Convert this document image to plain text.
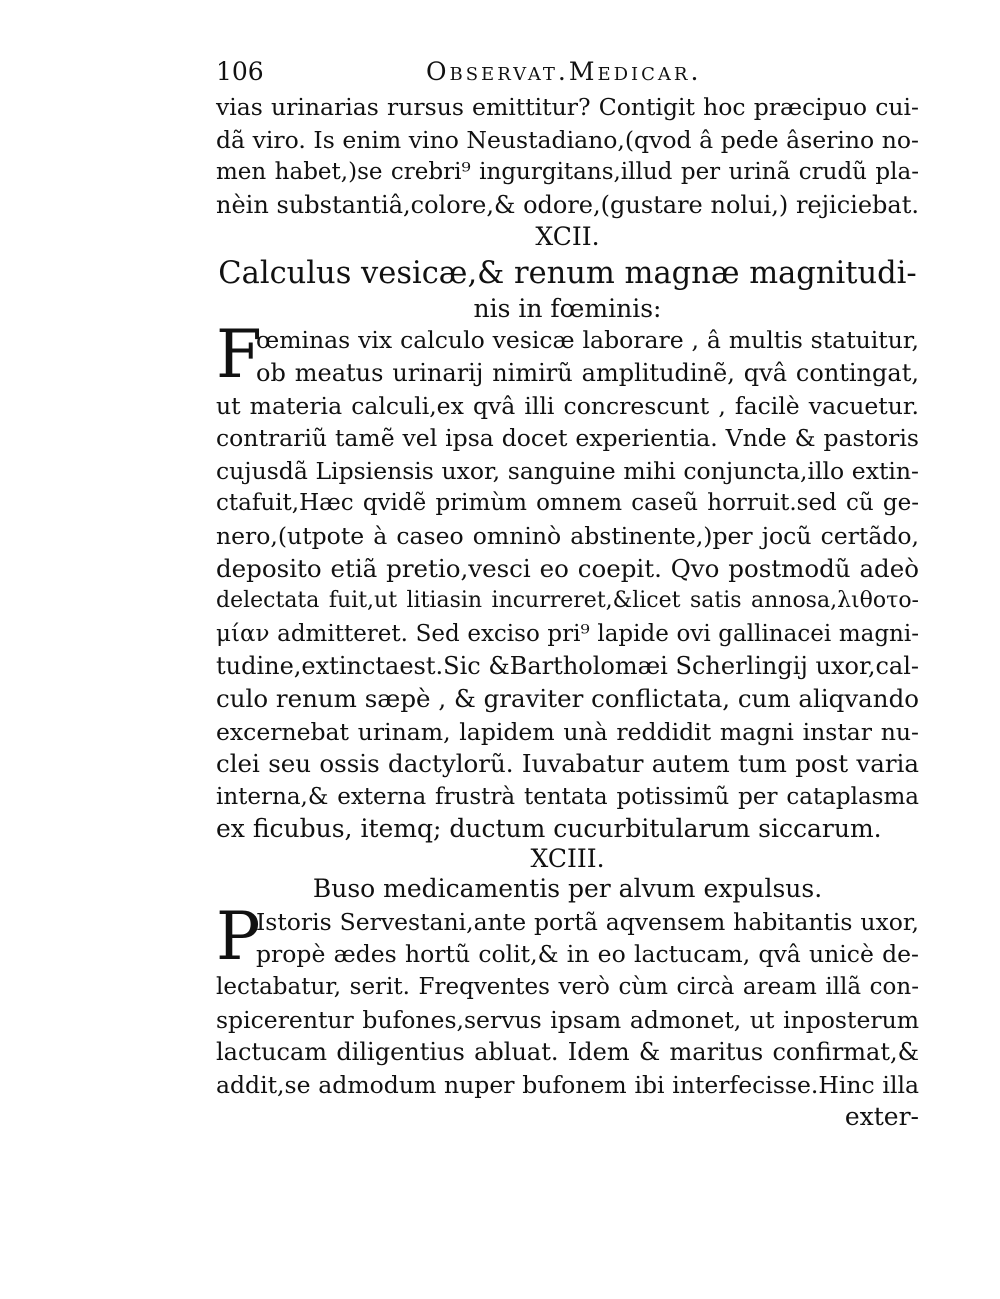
106	Observat.Medicar.
vias urinarias rursus emittitur? Contigit hoc præcipuo cui-
dã viro. Is enim vino Neustadiano,(qvod â pede âserino no-
men habet,)se crebri⁹ ingurgitans,illud per urinã crudũ pla-
nèin substantiâ,colore,& odore,(gustare nolui,) rejiciebat.
XCII.
Calculus vesicæ,& renum magnæ magnitudi-
nis in fœminis:
F
œminas vix calculo vesicæ laborare , â multis statuitur,
ob meatus urinarij nimirũ amplitudinẽ, qvâ contingat,
ut materia calculi,ex qvâ illi concrescunt , facilè vacuetur.
contrariũ tamẽ vel ipsa docet experientia. Vnde & pastoris
cujusdã Lipsiensis uxor, sanguine mihi conjuncta,illo extin-
ctafuit,Hæc qvidẽ primùm omnem caseũ horruit.sed cũ ge-
nero,(utpote à caseo omninò abstinente,)per jocũ certãdo,
deposito etiã pretio,vesci eo coepit. Qvo postmodũ adeò
delectata fuit,ut litiasin incurreret,&licet satis annosa,λιθοτο-
μίαν admitteret. Sed exciso pri⁹ lapide ovi gallinacei magni-
tudine,extinctaest.Sic &Bartholomæi Scherlingij uxor,cal-
culo renum sæpè , & graviter conflictata, cum aliqvando
excernebat urinam, lapidem unà reddidit magni instar nu-
clei seu ossis dactylorũ. Iuvabatur autem tum post varia
interna,& externa frustrà tentata potissimũ per cataplasma
ex ficubus, itemq; ductum cucurbitularum siccarum.
XCIII.
Buso medicamentis per alvum expulsus.
P
Istoris Servestani,ante portã aqvensem habitantis uxor,
propè ædes hortũ colit,& in eo lactucam, qvâ unicè de-
lectabatur, serit. Freqventes verò cùm circà aream illã con-
spicerentur bufones,servus ipsam admonet, ut inposterum
lactucam diligentius abluat. Idem & maritus confirmat,&
addit,se admodum nuper bufonem ibi interfecisse.Hinc illa
exter-
